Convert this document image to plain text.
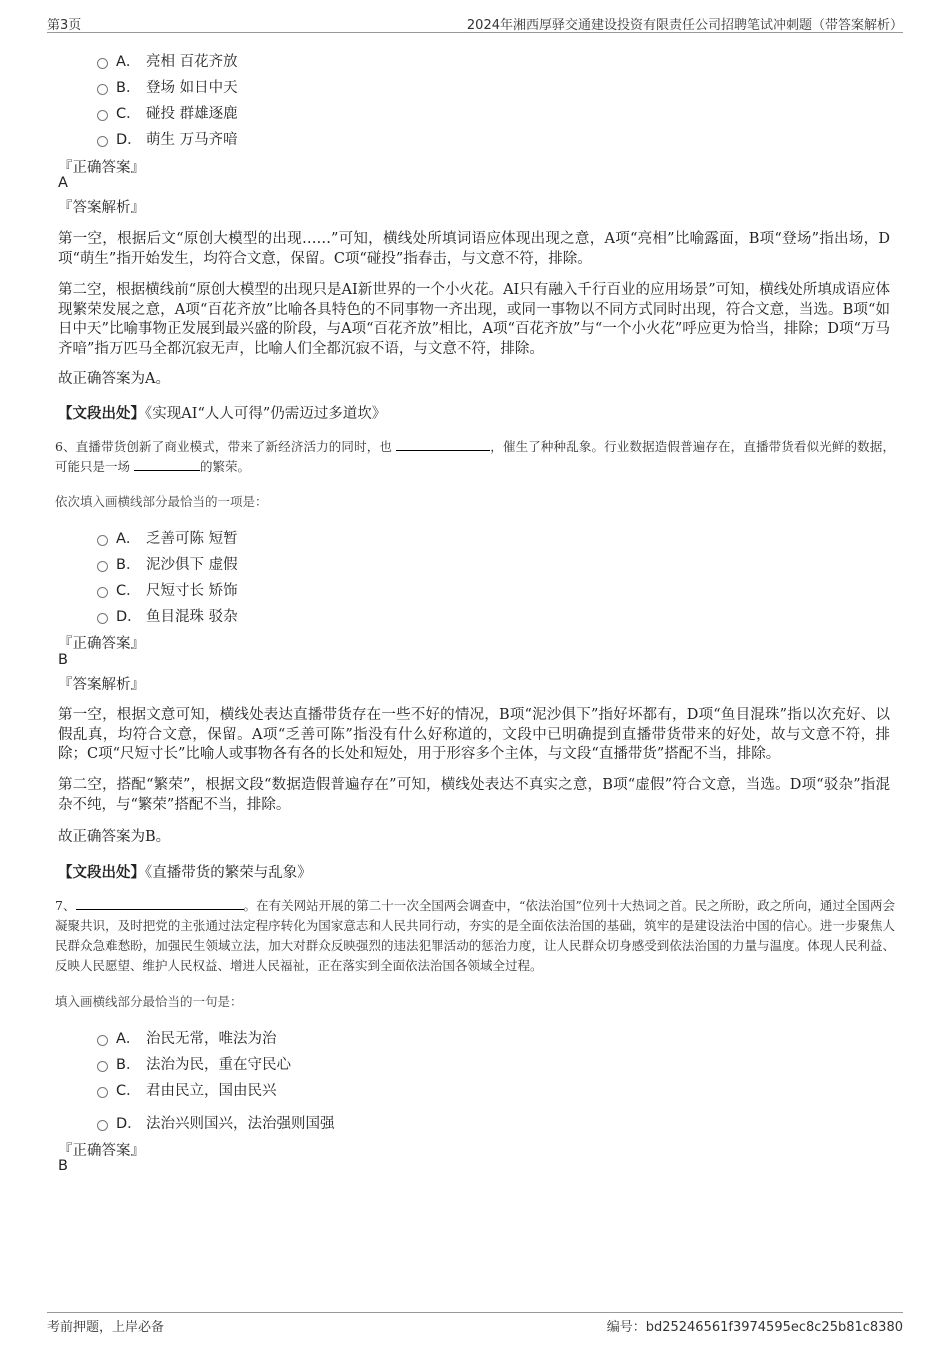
第3页	2024年湘西厚驿交通建设投资有限责任公司招聘笔试冲刺题（带答案解析）
A． 亮相 百花齐放
B． 登场 如日中天
C． 碰投 群雄逐鹿
D． 萌生 万马齐喑
『正确答案』
A
『答案解析』
第一空，根据后文“原创大模型的出现……”可知，横线处所填词语应体现出现之意，A项“亮相”比喻露面，B项“登场”指出场，D项“萌生”指开始发生，均符合文意，保留。C项“碰投”指春击，与文意不符，排除。
第二空，根据横线前“原创大模型的出现只是AI新世界的一个小火花。AI只有融入千行百业的应用场景”可知，横线处所填成语应体现繁荣发展之意，A项“百花齐放”比喻各具特色的不同事物一齐出现，或同一事物以不同方式同时出现，符合文意，当选。B项“如日中天”比喻事物正发展到最兴盛的阶段，与A项“百花齐放”相比，A项“百花齐放”与“一个小火花”呼应更为恰当，排除；D项“万马齐喑”指万匹马全都沉寂无声，比喻人们全都沉寂不语，与文意不符，排除。
故正确答案为A。
【文段出处】《实现AI“人人可得”仍需迈过多道坎》
6、直播带货创新了商业模式，带来了新经济活力的同时，也	，催生了种种乱象。行业数据造假普遍存在，直播带货看似光鲜的数据，可能只是一场	的繁荣。
依次填入画横线部分最恰当的一项是：
A． 乏善可陈 短暂
B． 泥沙俱下 虚假
C． 尺短寸长 矫饰
D． 鱼目混珠 驳杂
『正确答案』
B
『答案解析』
第一空，根据文意可知，横线处表达直播带货存在一些不好的情况，B项“泥沙俱下”指好坏都有，D项“鱼目混珠”指以次充好、以假乱真，均符合文意，保留。A项“乏善可陈”指没有什么好称道的，文段中已明确提到直播带货带来的好处，故与文意不符，排除；C项“尺短寸长”比喻人或事物各有各的长处和短处，用于形容多个主体，与文段“直播带货”搭配不当，排除。
第二空，搭配“繁荣”，根据文段“数据造假普遍存在”可知，横线处表达不真实之意，B项“虚假”符合文意，当选。D项“驳杂”指混杂不纯，与“繁荣”搭配不当，排除。
故正确答案为B。
【文段出处】《直播带货的繁荣与乱象》
7、	。在有关网站开展的第二十一次全国两会调查中，“依法治国”位列十大热词之首。民之所盼，政之所向，通过全国两会凝聚共识，及时把党的主张通过法定程序转化为国家意志和人民共同行动，夯实的是全面依法治国的基础，筑牢的是建设法治中国的信心。进一步聚焦人民群众急难愁盼，加强民生领域立法，加大对群众反映强烈的违法犯罪活动的惩治力度，让人民群众切身感受到依法治国的力量与温度。体现人民利益、反映人民愿望、维护人民权益、增进人民福祉，正在落实到全面依法治国各领域全过程。
填入画横线部分最恰当的一句是：
A． 治民无常，唯法为治
B． 法治为民，重在守民心
C． 君由民立，国由民兴
D． 法治兴则国兴，法治强则国强
『正确答案』
B
考前押题，上岸必备	编号：bd25246561f3974595ec8c25b81c8380
